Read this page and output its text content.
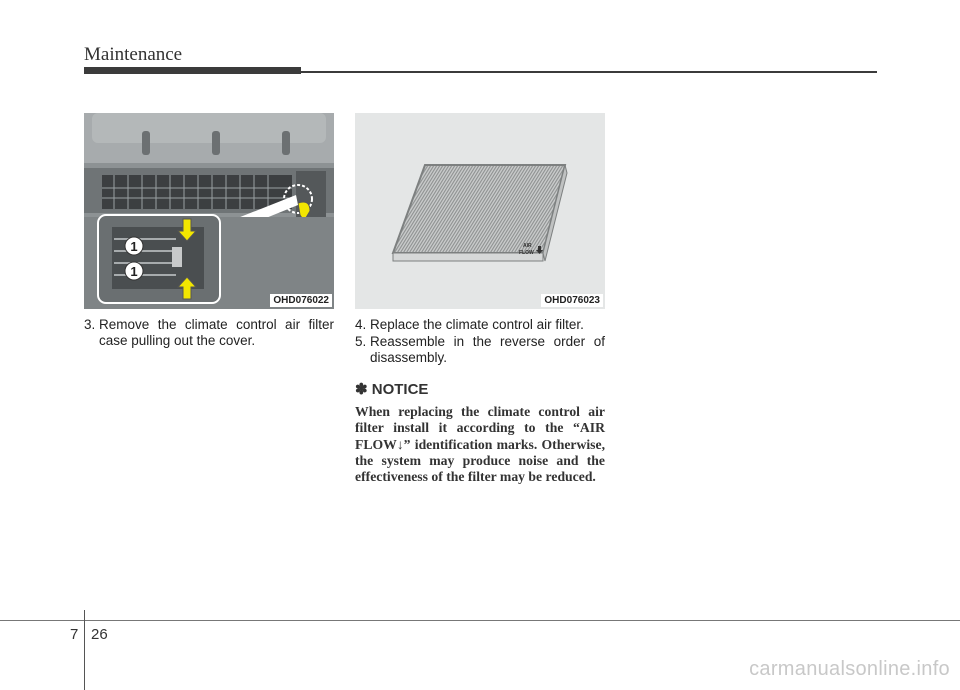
Maintenance
1
1
OHD076022
AIR
FLOW
OHD076023
3. Remove the climate control air filter case pulling out the cover.
4. Replace the climate control air filter.
5. Reassemble in the reverse order of disassembly.
✽ NOTICE
When replacing the climate control air filter install it according to the “AIR FLOW↓” identification marks. Otherwise, the system may produce noise and the effectiveness of the filter may be reduced.
7 26
carmanualsonline.info
